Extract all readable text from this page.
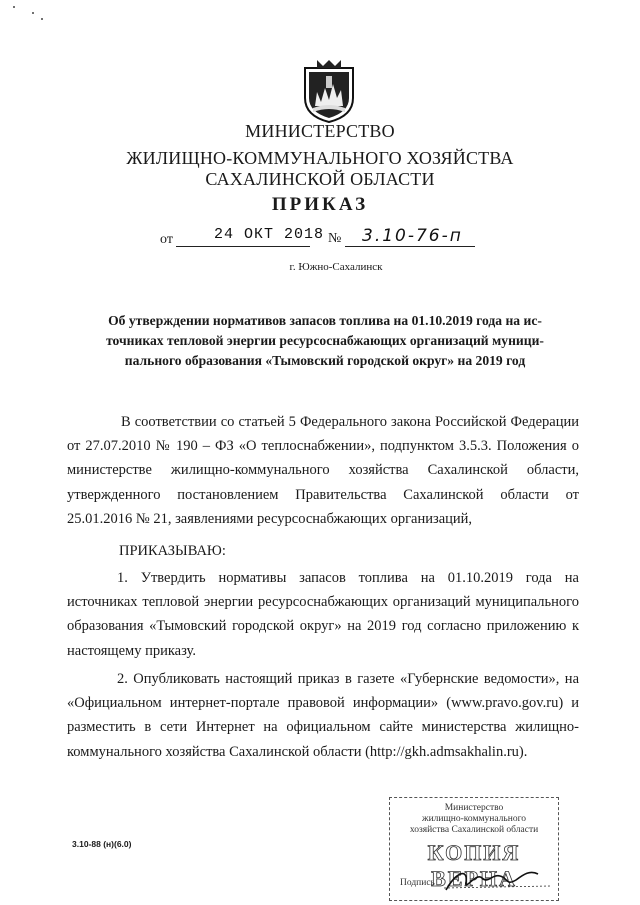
МИНИСТЕРСТВО
ЖИЛИЩНО-КОММУНАЛЬНОГО ХОЗЯЙСТВА
САХАЛИНСКОЙ ОБЛАСТИ
ПРИКАЗ
от	24 ОКТ 2018 № 3.10-76-п
г. Южно-Сахалинск
Об утверждении нормативов запасов топлива на 01.10.2019 года на ис-
точниках тепловой энергии ресурсоснабжающих организаций муници-
пального образования «Тымовский городской округ» на 2019 год
В соответствии со статьей 5 Федерального закона Российской Федерации от 27.07.2010 № 190 – ФЗ «О теплоснабжении», подпунктом 3.5.3. Положения о министерстве жилищно-коммунального хозяйства Сахалинской области, утвержденного постановлением Правительства Сахалинской области от 25.01.2016 № 21, заявлениями ресурсоснабжающих организаций,
ПРИКАЗЫВАЮ:
1. Утвердить нормативы запасов топлива на 01.10.2019 года на источниках тепловой энергии ресурсоснабжающих организаций муниципального образования «Тымовский городской округ» на 2019 год согласно приложению к настоящему приказу.
2. Опубликовать настоящий приказ в газете «Губернские ведомости», на «Официальном интернет-портале правовой информации» (www.pravo.gov.ru) и разместить в сети Интернет на официальном сайте министерства жилищно-коммунального хозяйства Сахалинской области (http://gkh.admsakhalin.ru).
3.10-88 (н)(6.0)
Министерство
жилищно-коммунального
хозяйства Сахалинской области
КОПИЯ ВЕРНА
Подпись
